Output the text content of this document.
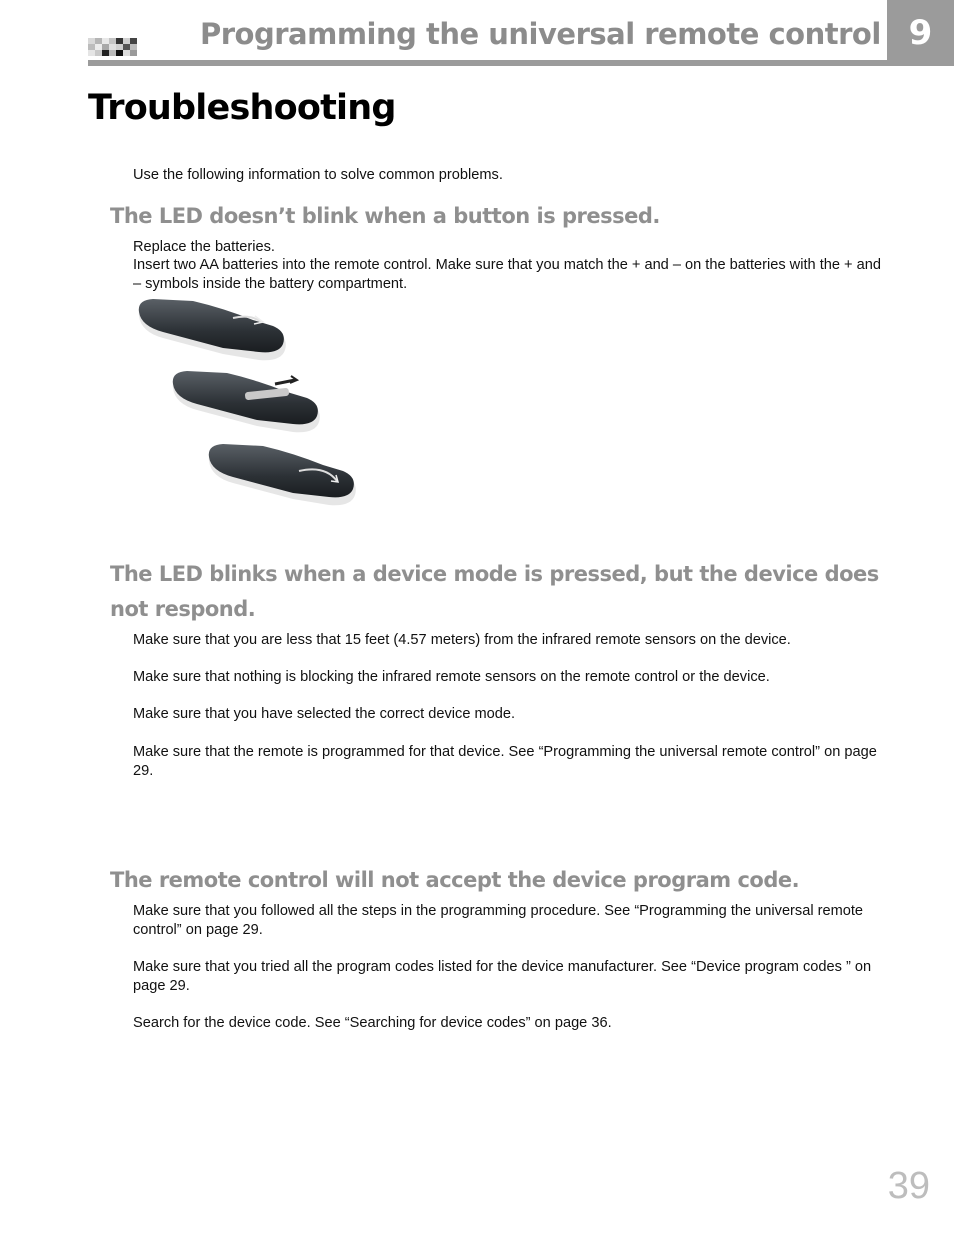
Programming the universal remote control 9
Troubleshooting

Use the following information to solve common problems.

The LED doesn’t blink when a button is pressed.

Replace the batteries.

Insert two AA batteries into the remote control. Make sure that you match the + and – on the batteries with the + and – symbols inside the battery compartment.

The LED blinks when a device mode is pressed, but the device does not respond.

Make sure that you are less that 15 feet (4.57 meters) from the infrared remote sensors on the device.

Make sure that nothing is blocking the infrared remote sensors on the remote control or the device.

Make sure that you have selected the correct device mode.

Make sure that the remote is programmed for that device. See “Programming the universal remote control” on page 29.

The remote control will not accept the device program code.

Make sure that you followed all the steps in the programming procedure. See “Programming the universal remote control” on page 29.

Make sure that you tried all the program codes listed for the device manufacturer. See “Device program codes ” on page 29.

Search for the device code. See “Searching for device codes” on page 36.

39
